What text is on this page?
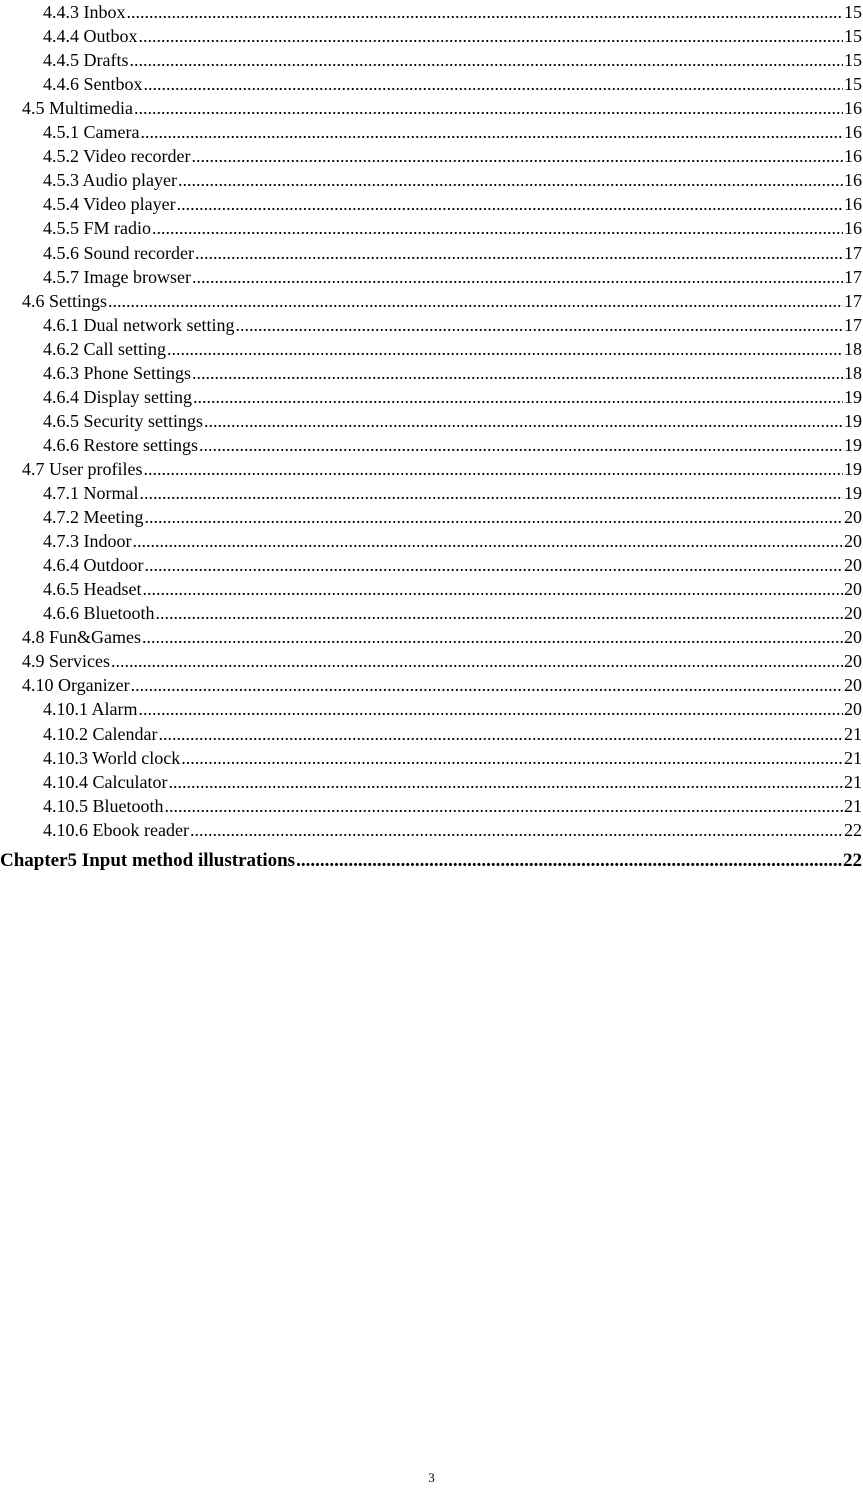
4.4.3 Inbox .....	15
4.4.4 Outbox .....	15
4.4.5 Drafts .....	15
4.4.6 Sentbox .....	15
4.5 Multimedia .....	16
4.5.1 Camera .....	16
4.5.2 Video recorder .....	16
4.5.3 Audio player .....	16
4.5.4 Video player .....	16
4.5.5 FM radio .....	16
4.5.6 Sound recorder .....	17
4.5.7 Image browser .....	17
4.6 Settings .....	17
4.6.1 Dual network setting .....	17
4.6.2 Call setting .....	18
4.6.3 Phone Settings .....	18
4.6.4 Display setting .....	19
4.6.5 Security settings .....	19
4.6.6 Restore settings .....	19
4.7 User profiles .....	19
4.7.1 Normal .....	19
4.7.2 Meeting .....	20
4.7.3 Indoor .....	20
4.6.4 Outdoor .....	20
4.6.5 Headset .....	20
4.6.6 Bluetooth .....	20
4.8 Fun&Games .....	20
4.9 Services .....	20
4.10 Organizer .....	20
4.10.1 Alarm .....	20
4.10.2 Calendar .....	21
4.10.3 World clock .....	21
4.10.4 Calculator .....	21
4.10.5 Bluetooth .....	21
4.10.6 Ebook reader .....	22
Chapter5 Input method illustrations .....	22
3
